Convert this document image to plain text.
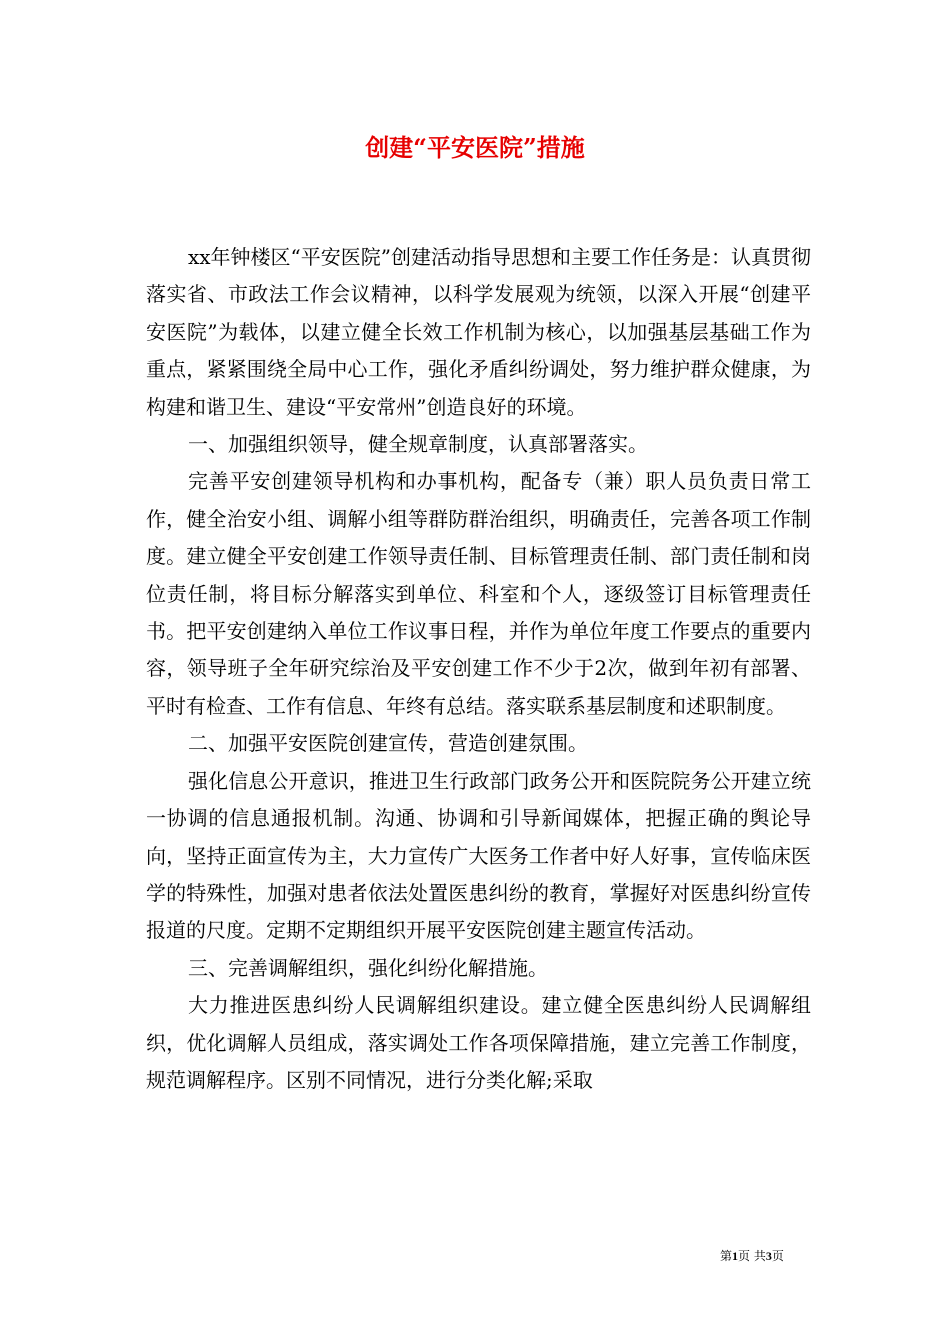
创建“平安医院”措施

xx年钟楼区“平安医院”创建活动指导思想和主要工作任务是：认真贯彻落实省、市政法工作会议精神，以科学发展观为统领，以深入开展“创建平安医院”为载体，以建立健全长效工作机制为核心，以加强基层基础工作为重点，紧紧围绕全局中心工作，强化矛盾纠纷调处，努力维护群众健康，为构建和谐卫生、建设“平安常州”创造良好的环境。

一、加强组织领导，健全规章制度，认真部署落实。

完善平安创建领导机构和办事机构，配备专（兼）职人员负责日常工作，健全治安小组、调解小组等群防群治组织，明确责任，完善各项工作制度。建立健全平安创建工作领导责任制、目标管理责任制、部门责任制和岗位责任制，将目标分解落实到单位、科室和个人，逐级签订目标管理责任书。把平安创建纳入单位工作议事日程，并作为单位年度工作要点的重要内容，领导班子全年研究综治及平安创建工作不少于2次，做到年初有部署、平时有检查、工作有信息、年终有总结。落实联系基层制度和述职制度。

二、加强平安医院创建宣传，营造创建氛围。

强化信息公开意识，推进卫生行政部门政务公开和医院院务公开建立统一协调的信息通报机制。沟通、协调和引导新闻媒体，把握正确的舆论导向，坚持正面宣传为主，大力宣传广大医务工作者中好人好事，宣传临床医学的特殊性，加强对患者依法处置医患纠纷的教育，掌握好对医患纠纷宣传报道的尺度。定期不定期组织开展平安医院创建主题宣传活动。

三、完善调解组织，强化纠纷化解措施。

大力推进医患纠纷人民调解组织建设。建立健全医患纠纷人民调解组织，优化调解人员组成，落实调处工作各项保障措施，建立完善工作制度，规范调解程序。区别不同情况，进行分类化解;采取

第1页 共3页
